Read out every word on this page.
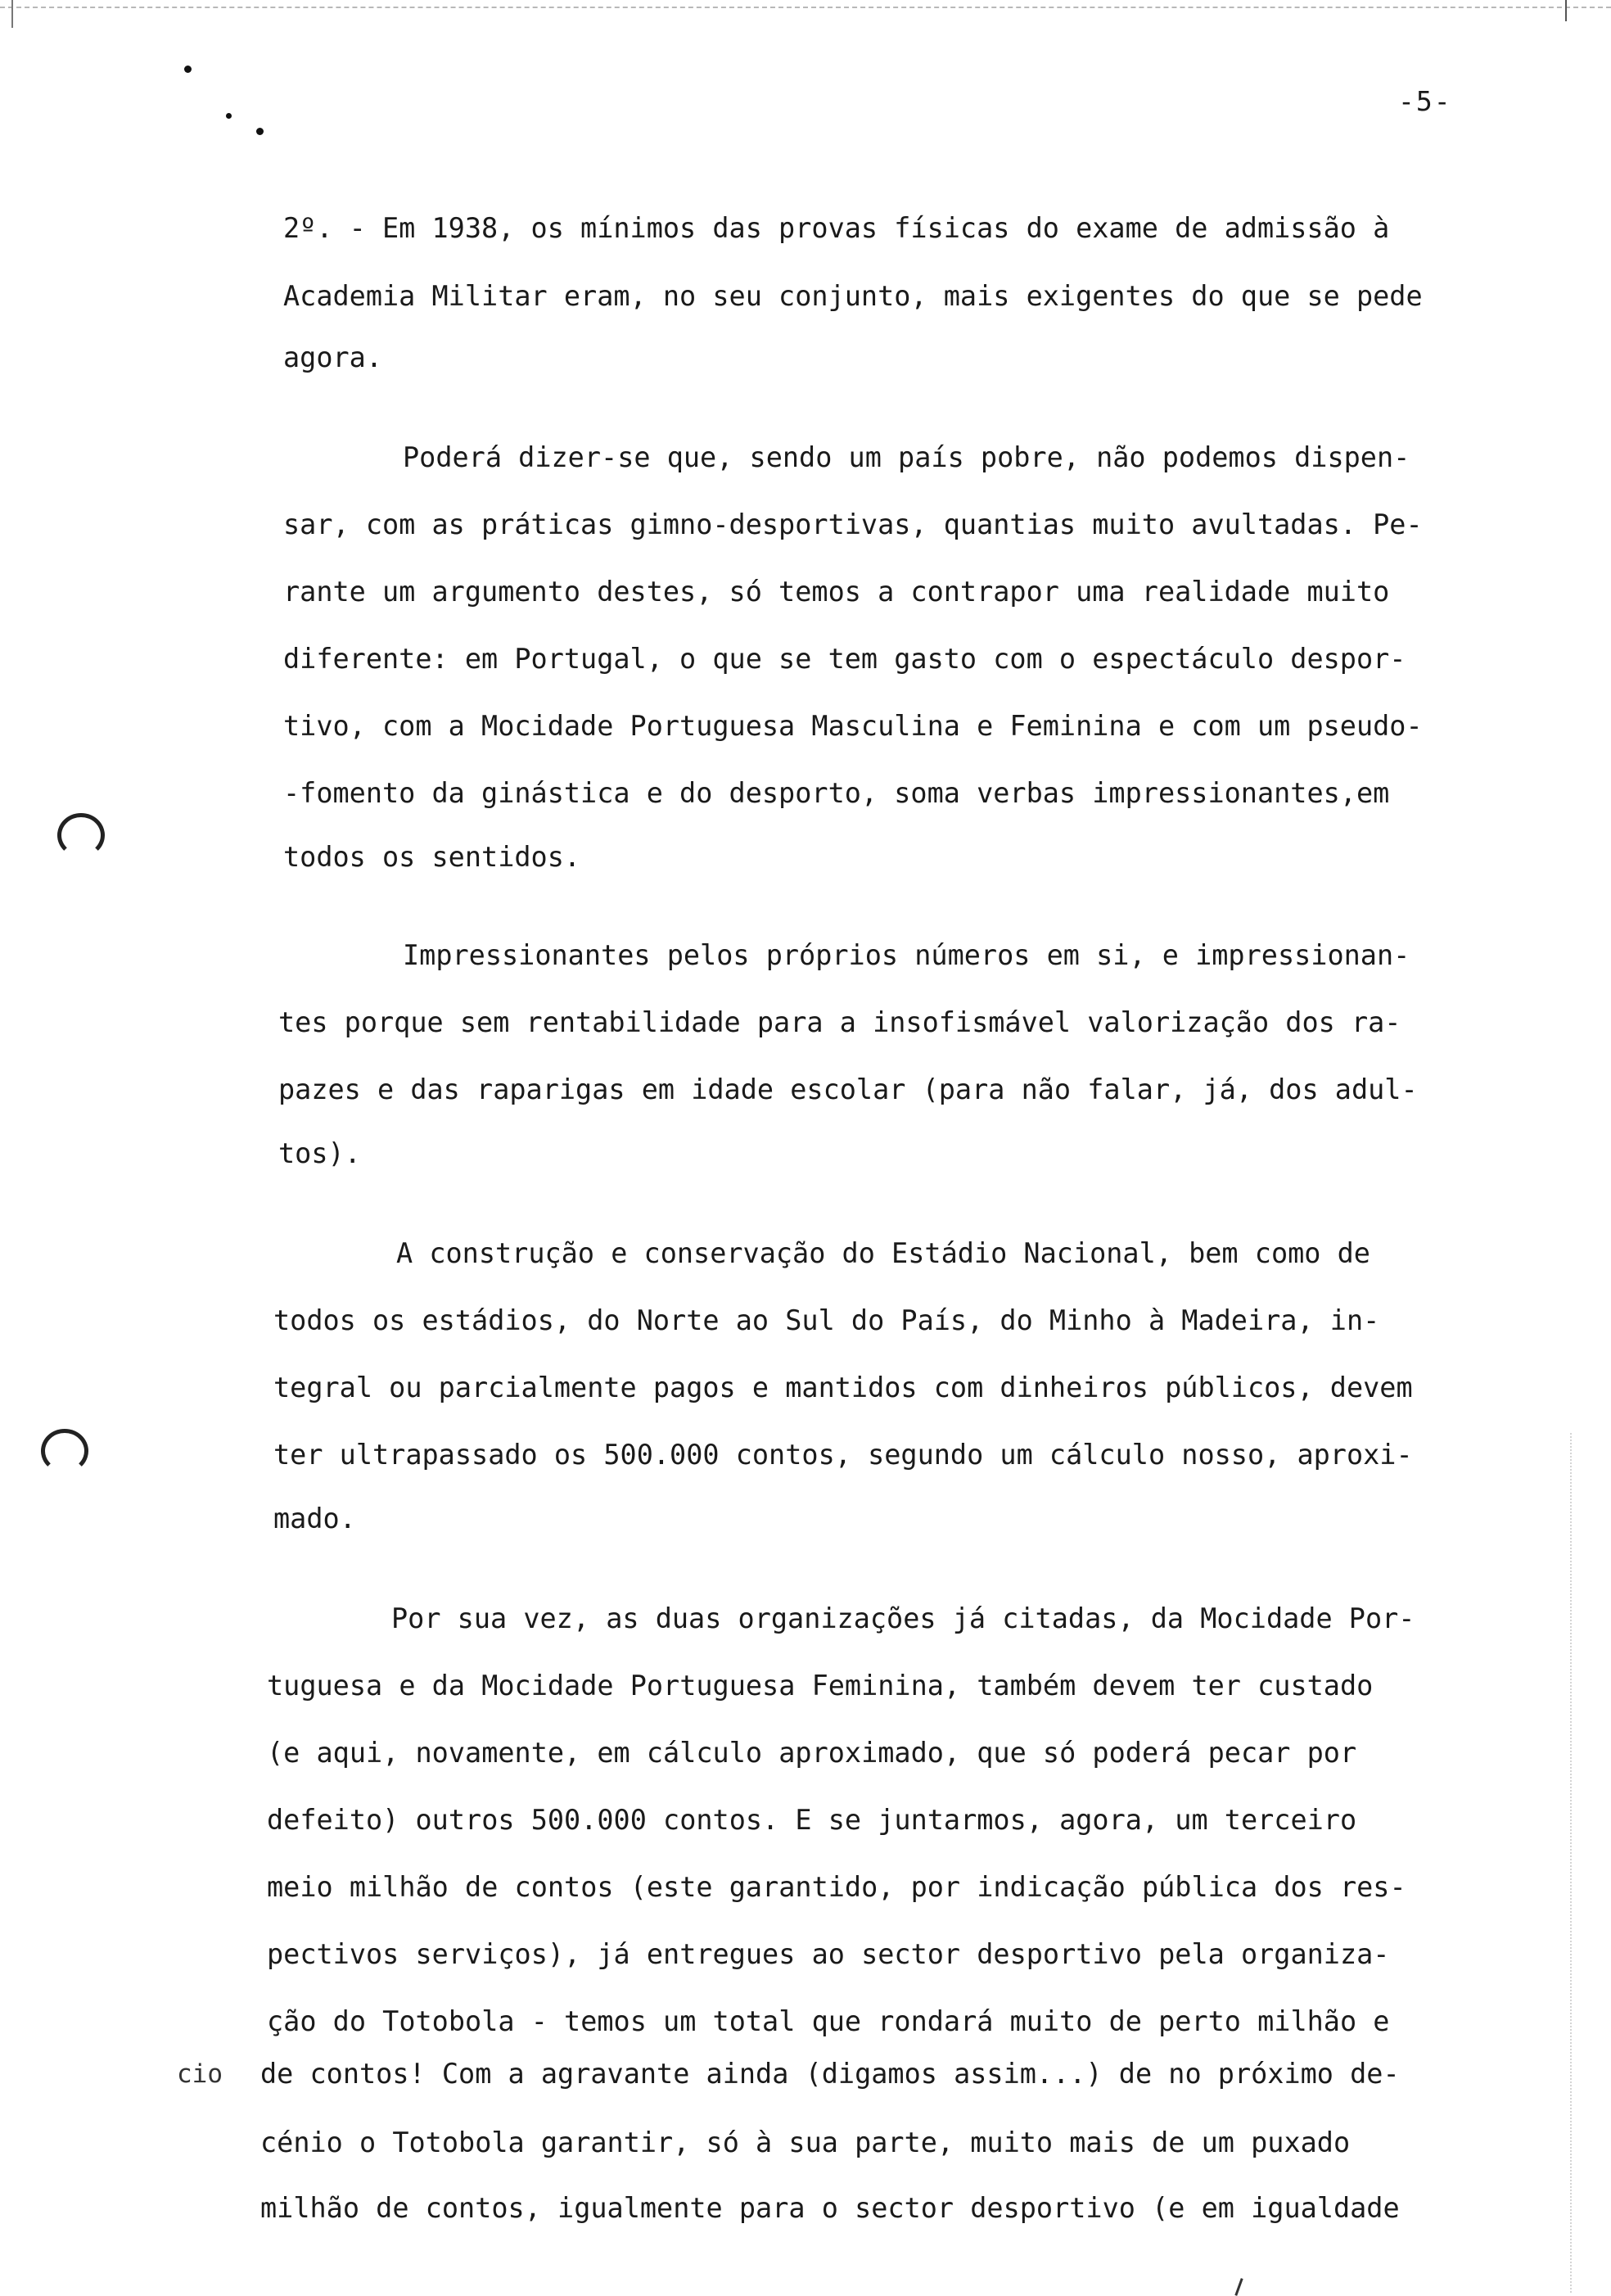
-5-
2º. - Em 1938, os mínimos das provas físicas do exame de admissão à
Academia Militar eram, no seu conjunto, mais exigentes do que se pede
agora.
Poderá dizer-se que, sendo um país pobre, não podemos dispen-
sar, com as práticas gimno-desportivas, quantias muito avultadas. Pe-
rante um argumento destes, só temos a contrapor uma realidade muito
diferente: em Portugal, o que se tem gasto com o espectáculo despor-
tivo, com a Mocidade Portuguesa Masculina e Feminina e com um pseudo-
-fomento da ginástica e do desporto, soma verbas impressionantes,em
todos os sentidos.
Impressionantes pelos próprios números em si, e impressionan-
tes porque sem rentabilidade para a insofismável valorização dos ra-
pazes e das raparigas em idade escolar (para não falar, já, dos adul-
tos).
A construção e conservação do Estádio Nacional, bem como de
todos os estádios, do Norte ao Sul do País, do Minho à Madeira, in-
tegral ou parcialmente pagos e mantidos com dinheiros públicos, devem
ter ultrapassado os 500.000 contos, segundo um cálculo nosso, aproxi-
mado.
Por sua vez, as duas organizações já citadas, da Mocidade Por-
tuguesa e da Mocidade Portuguesa Feminina, também devem ter custado
(e aqui, novamente, em cálculo aproximado, que só poderá pecar por
defeito) outros 500.000 contos. E se juntarmos, agora, um terceiro
meio milhão de contos (este garantido, por indicação pública dos res-
pectivos serviços), já entregues ao sector desportivo pela organiza-
ção do Totobola - temos um total que rondará muito de perto milhão e
cio de contos! Com a agravante ainda (digamos assim...) de no próximo de-
cénio o Totobola garantir, só à sua parte, muito mais de um puxado
milhão de contos, igualmente para o sector desportivo (e em igualdade
